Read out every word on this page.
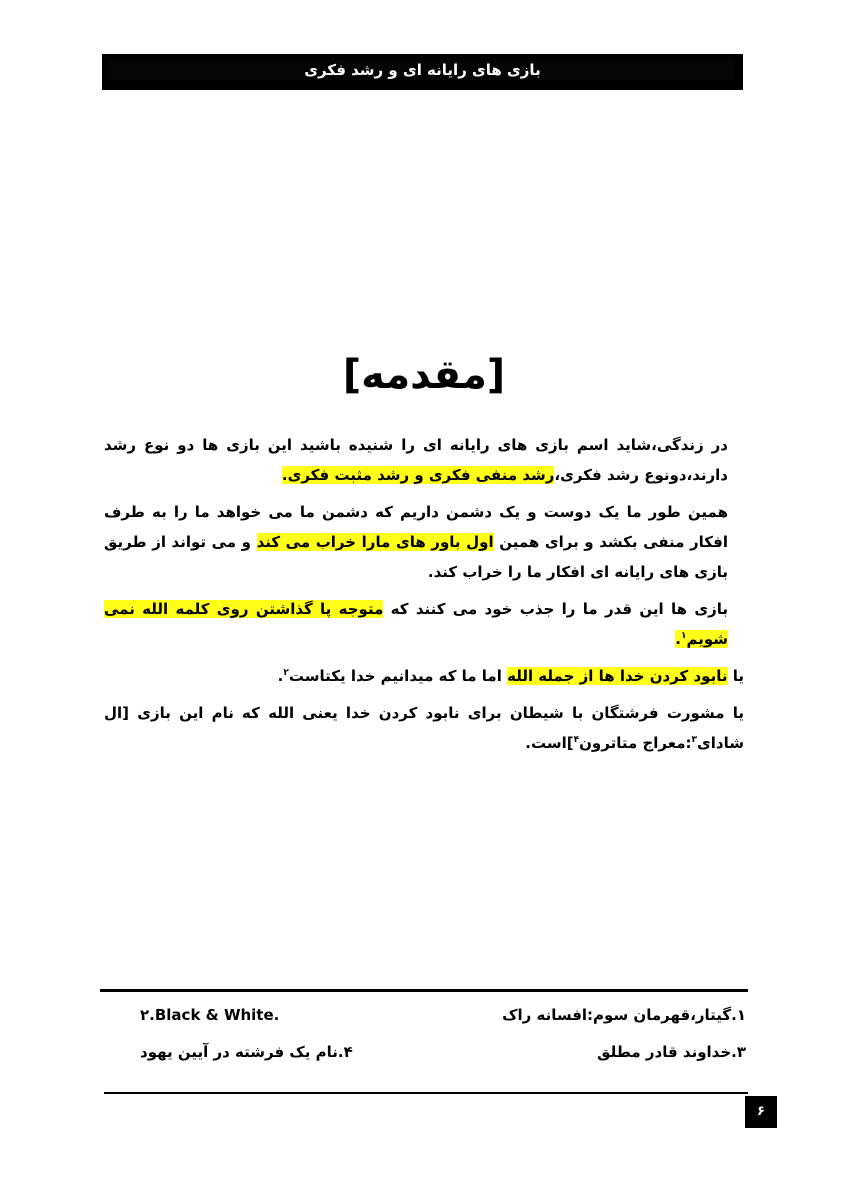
بازی های رایانه ای و رشد فکری
[مقدمه]

در زندگی،شاید اسم بازی های رایانه ای را شنیده باشید این بازی ها دو نوع رشد دارند،دونوع رشد فکری،رشد منفی فکری و رشد مثبت فکری.

همین طور ما یک دوست و یک دشمن داریم که دشمن ما می خواهد ما را به طرف افکار منفی بکشد و برای همین اول باور های مارا خراب می کند و می تواند از طریق بازی های رایانه ای افکار ما را خراب کند.

بازی ها این قدر ما را جذب خود می کنند که متوجه پا گذاشتن روی کلمه الله نمی شویم$^۱$.

یا نابود کردن خدا ها از جمله الله اما ما که میدانیم خدا یکتاست$^۲$.

یا مشورت فرشتگان با شیطان برای نابود کردن خدا یعنی الله که نام این بازی [ال شادای$^۳$:معراج متاترون$^۴$]است.

۱.گیتار،قهرمان سوم:افسانه راک
۲.Black & White.
۳.خداوند قادر مطلق
۴.نام یک فرشته در آیین یهود
۶
